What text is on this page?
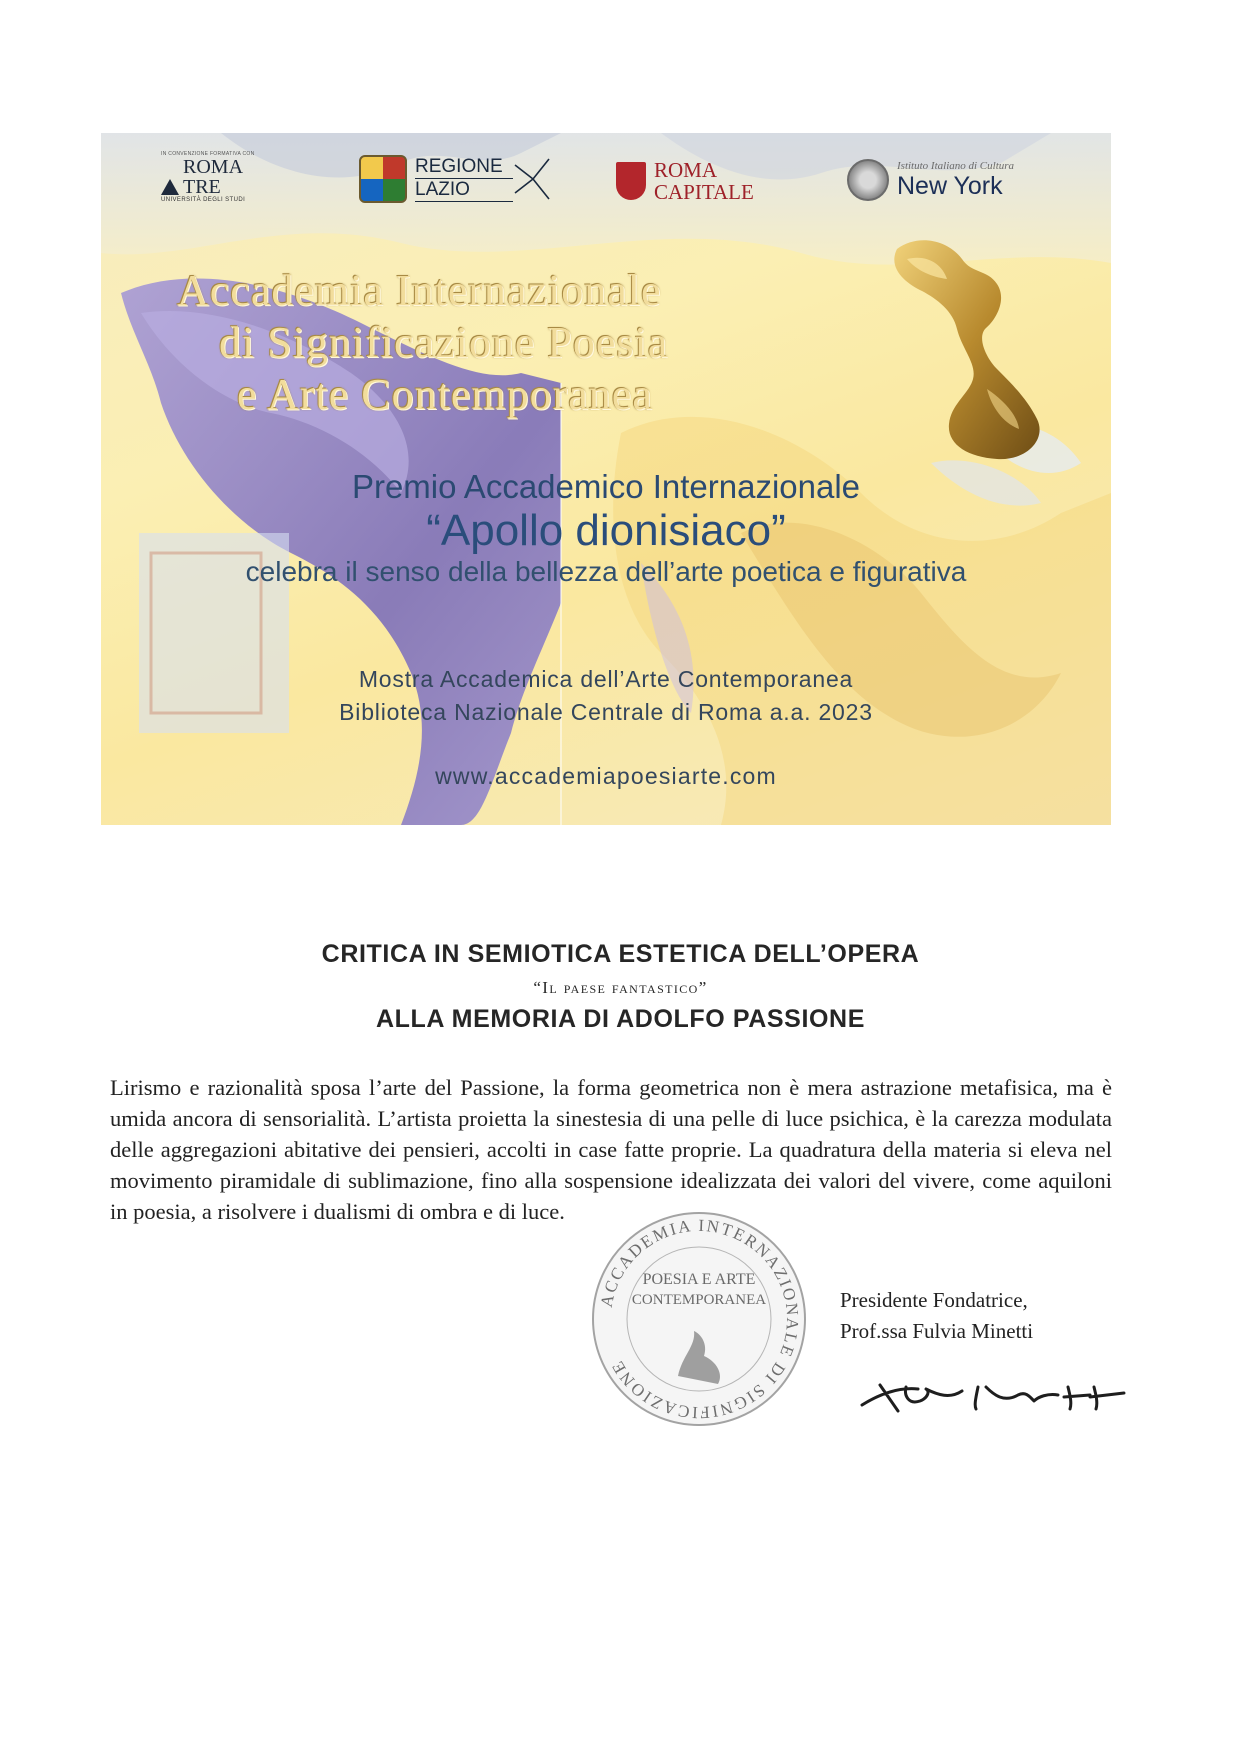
IN CONVENZIONE FORMATIVA CON
ROMA
TRE
UNIVERSITÀ DEGLI STUDI
REGIONE
LAZIO
ROMA
CAPITALE
Istituto Italiano di Cultura
New York
Accademia Internazionale
di Significazione Poesia
e Arte Contemporanea
Premio Accademico Internazionale
“Apollo dionisiaco”
celebra il senso della bellezza dell’arte poetica e figurativa
Mostra Accademica dell’Arte Contemporanea
Biblioteca Nazionale Centrale di Roma a.a. 2023
www.accademiapoesiarte.com
CRITICA IN SEMIOTICA ESTETICA DELL’OPERA
“Il paese fantastico”
ALLA MEMORIA DI ADOLFO PASSIONE
Lirismo e razionalità sposa l’arte del Passione, la forma geometrica non è mera astrazione metafisica, ma è umida ancora di sensorialità. L’artista proietta la sinestesia di una pelle di luce psichica, è la carezza modulata delle aggregazioni abitative dei pensieri, accolti in case fatte proprie. La quadratura della materia si eleva nel movimento piramidale di sublimazione, fino alla sospensione idealizzata dei valori del vivere, come aquiloni in poesia, a risolvere i dualismi di ombra e di luce.
ACCADEMIA INTERNAZIONALE DI SIGNIFICAZIONE
POESIA E ARTE
CONTEMPORANEA	Presidente Fondatrice,
Prof.ssa Fulvia Minetti
